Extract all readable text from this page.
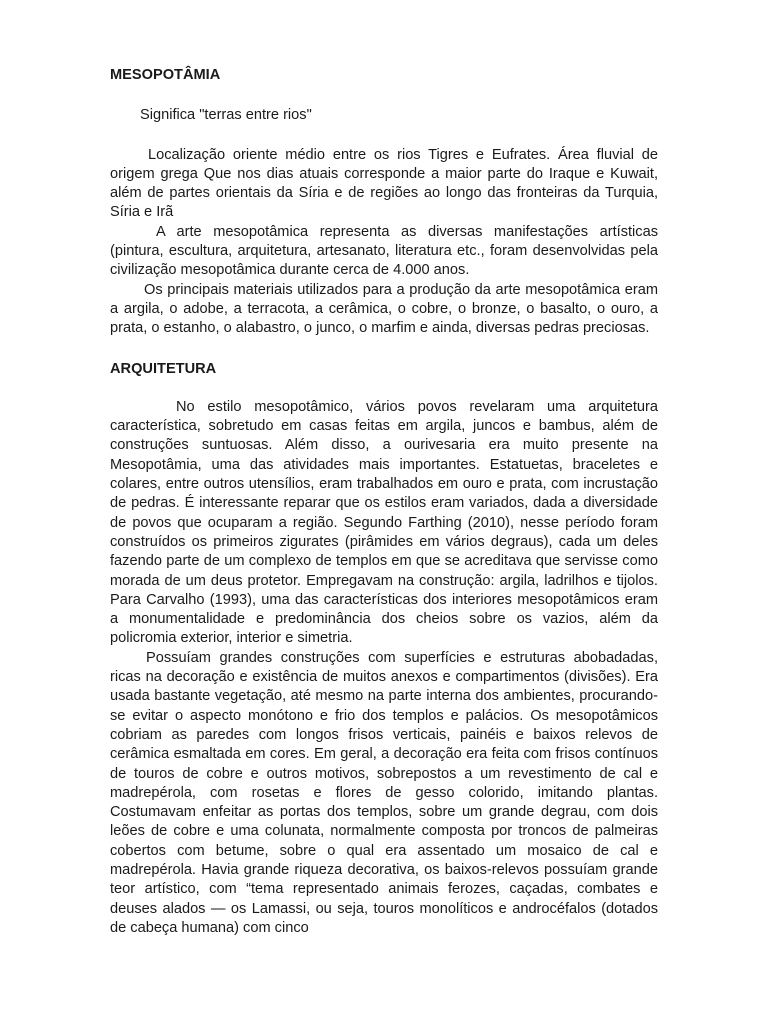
MESOPOTÂMIA
Significa "terras entre rios"

Localização oriente médio entre os rios Tigres e Eufrates. Área fluvial de origem grega Que nos dias atuais corresponde a maior parte do Iraque e Kuwait, além de partes orientais da Síria e de regiões ao longo das fronteiras da Turquia, Síria e Irã

A arte mesopotâmica representa as diversas manifestações artísticas (pintura, escultura, arquitetura, artesanato, literatura etc., foram desenvolvidas pela civilização mesopotâmica durante cerca de 4.000 anos.

Os principais materiais utilizados para a produção da arte mesopotâmica eram a argila, o adobe, a terracota, a cerâmica, o cobre, o bronze, o basalto, o ouro, a prata, o estanho, o alabastro, o junco, o marfim e ainda, diversas pedras preciosas.

ARQUITETURA

No estilo mesopotâmico, vários povos revelaram uma arquitetura característica, sobretudo em casas feitas em argila, juncos e bambus, além de construções suntuosas. Além disso, a ourivesaria era muito presente na Mesopotâmia, uma das atividades mais importantes. Estatuetas, braceletes e colares, entre outros utensílios, eram trabalhados em ouro e prata, com incrustação de pedras. É interessante reparar que os estilos eram variados, dada a diversidade de povos que ocuparam a região. Segundo Farthing (2010), nesse período foram construídos os primeiros zigurates (pirâmides em vários degraus), cada um deles fazendo parte de um complexo de templos em que se acreditava que servisse como morada de um deus protetor. Empregavam na construção: argila, ladrilhos e tijolos. Para Carvalho (1993), uma das características dos interiores mesopotâmicos eram a monumentalidade e predominância dos cheios sobre os vazios, além da policromia exterior, interior e simetria.

Possuíam grandes construções com superfícies e estruturas abobadadas, ricas na decoração e existência de muitos anexos e compartimentos (divisões). Era usada bastante vegetação, até mesmo na parte interna dos ambientes, procurando-se evitar o aspecto monótono e frio dos templos e palácios. Os mesopotâmicos cobriam as paredes com longos frisos verticais, painéis e baixos relevos de cerâmica esmaltada em cores. Em geral, a decoração era feita com frisos contínuos de touros de cobre e outros motivos, sobrepostos a um revestimento de cal e madrepérola, com rosetas e flores de gesso colorido, imitando plantas. Costumavam enfeitar as portas dos templos, sobre um grande degrau, com dois leões de cobre e uma colunata, normalmente composta por troncos de palmeiras cobertos com betume, sobre o qual era assentado um mosaico de cal e madrepérola. Havia grande riqueza decorativa, os baixos-relevos possuíam grande teor artístico, com “tema representado animais ferozes, caçadas, combates e deuses alados — os Lamassi, ou seja, touros monolíticos e androcéfalos (dotados de cabeça humana) com cinco
